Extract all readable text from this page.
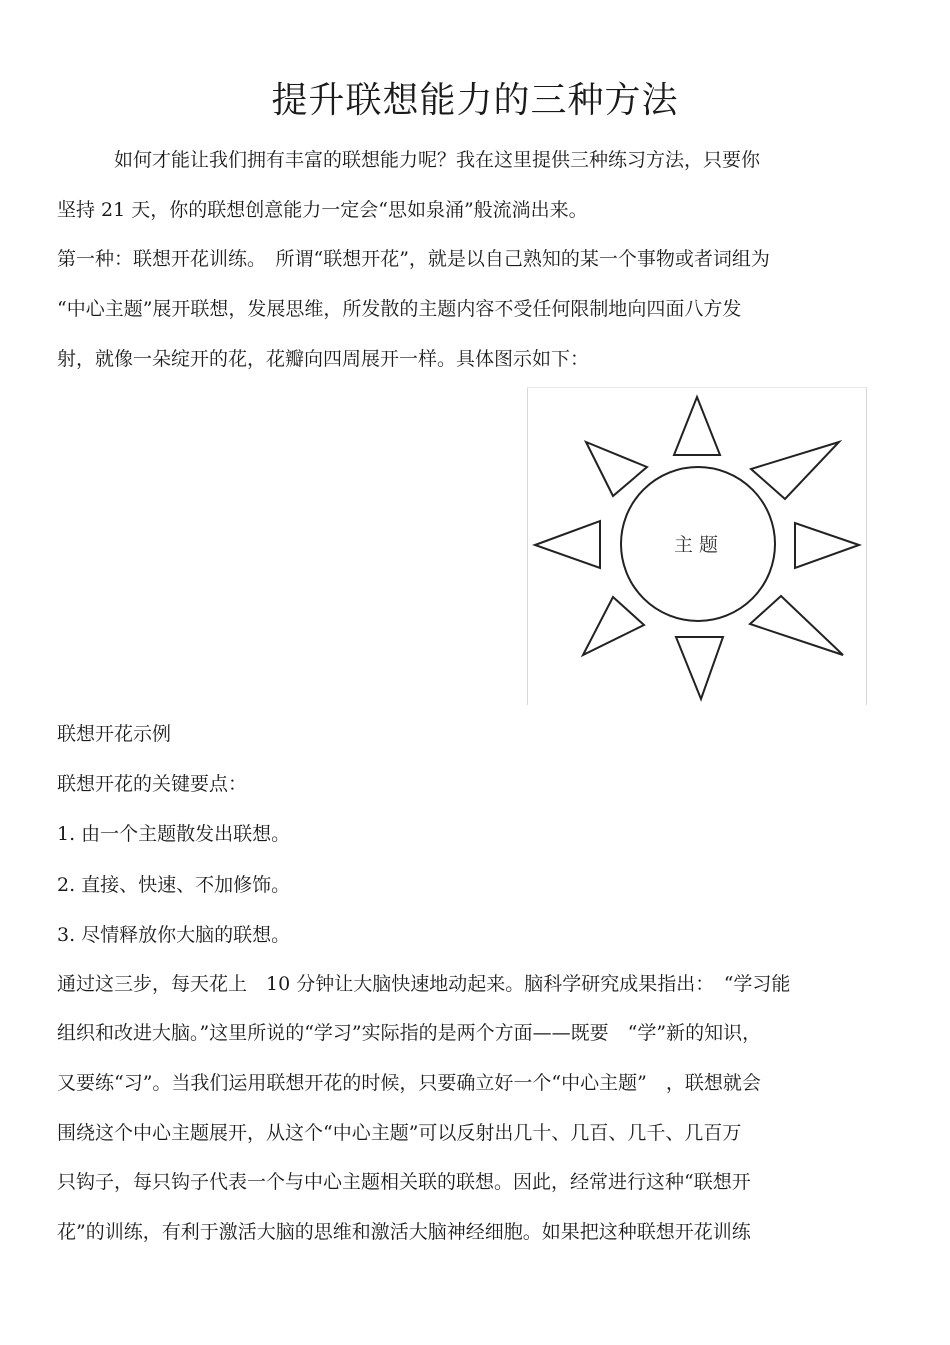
提升联想能力的三种方法
　　　如何才能让我们拥有丰富的联想能力呢？我在这里提供三种练习方法，只要你
坚持 21 天，你的联想创意能力一定会“思如泉涌”般流淌出来。
第一种：联想开花训练。　所谓“联想开花”，就是以自己熟知的某一个事物或者词组为
“中心主题”展开联想，发展思维，所发散的主题内容不受任何限制地向四面八方发
射，就像一朵绽开的花，花瓣向四周展开一样。具体图示如下：
主 题
联想开花示例
联想开花的关键要点：
1. 由一个主题散发出联想。
2. 直接、快速、不加修饰。
3. 尽情释放你大脑的联想。
通过这三步，每天花上　10 分钟让大脑快速地动起来。脑科学研究成果指出：　“学习能
组织和改进大脑。”这里所说的“学习”实际指的是两个方面——既要　“学”新的知识，
又要练“习”。当我们运用联想开花的时候，只要确立好一个“中心主题”　，联想就会
围绕这个中心主题展开，从这个“中心主题”可以反射出几十、几百、几千、几百万
只钩子，每只钩子代表一个与中心主题相关联的联想。因此，经常进行这种“联想开
花”的训练，有利于激活大脑的思维和激活大脑神经细胞。如果把这种联想开花训练
